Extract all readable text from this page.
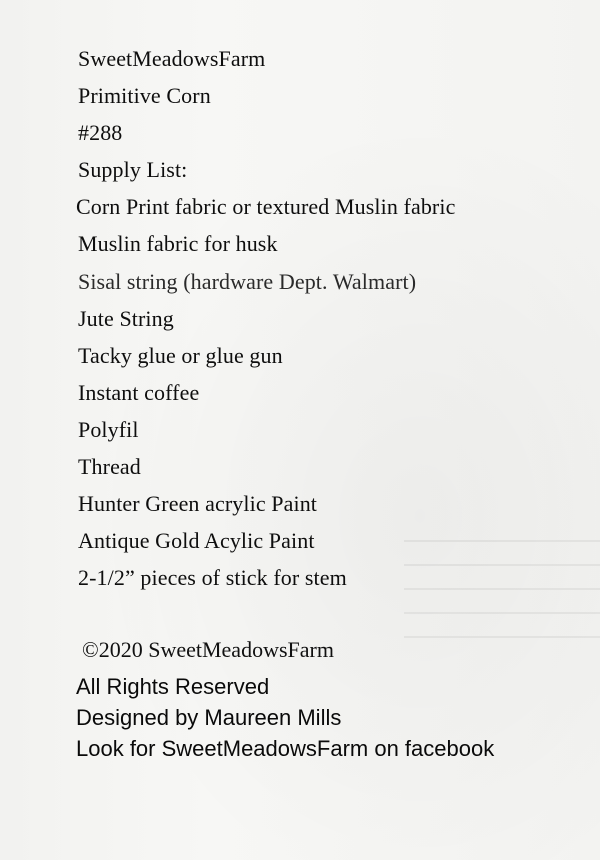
SweetMeadowsFarm
Primitive Corn
#288
Supply List:
Corn Print fabric or textured Muslin fabric
Muslin fabric for husk
Sisal string (hardware Dept. Walmart)
Jute String
Tacky glue or glue gun
Instant coffee
Polyfil
Thread
Hunter Green acrylic Paint
Antique Gold Acylic Paint
2-1/2” pieces of stick for stem
©2020 SweetMeadowsFarm
All Rights Reserved
Designed by Maureen Mills
Look for SweetMeadowsFarm on facebook
